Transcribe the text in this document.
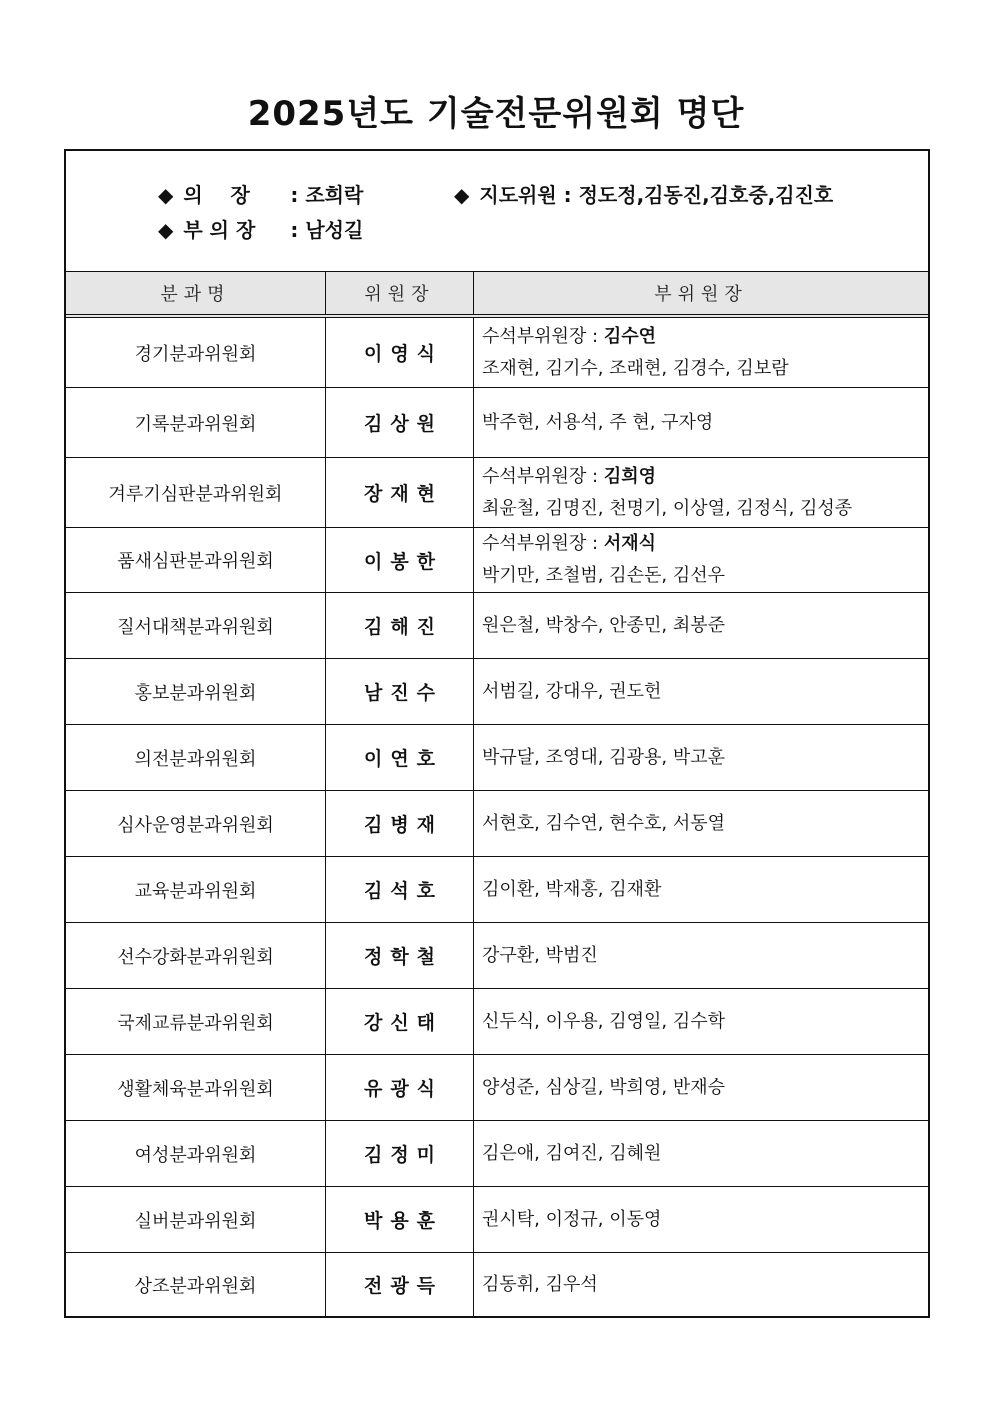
2025년도 기술전문위원회 명단
◆ 의    장 : 조희락	◆ 지도위원 : 정도정,김동진,김호중,김진호
◆ 부 의 장 : 남성길
분과명	위원장	부위원장
경기분과위원회	이영식
수석부위원장 : 김수연
조재현, 김기수, 조래현, 김경수, 김보람
기록분과위원회	김상원	박주현, 서용석, 주 현, 구자영
겨루기심판분과위원회	장재현
수석부위원장 : 김희영
최윤철, 김명진, 천명기, 이상열, 김정식, 김성종
품새심판분과위원회	이봉한
수석부위원장 : 서재식
박기만, 조철범, 김손돈, 김선우
질서대책분과위원회	김해진	원은철, 박창수, 안종민, 최봉준
홍보분과위원회	남진수	서범길, 강대우, 권도헌
의전분과위원회	이연호	박규달, 조영대, 김광용, 박고훈
심사운영분과위원회	김병재	서현호, 김수연, 현수호, 서동열
교육분과위원회	김석호	김이환, 박재홍, 김재환
선수강화분과위원회	정학철	강구환, 박범진
국제교류분과위원회	강신태	신두식, 이우용, 김영일, 김수학
생활체육분과위원회	유광식	양성준, 심상길, 박희영, 반재승
여성분과위원회	김정미	김은애, 김여진, 김혜원
실버분과위원회	박용훈	권시탁, 이정규, 이동영
상조분과위원회	전광득	김동휘, 김우석
